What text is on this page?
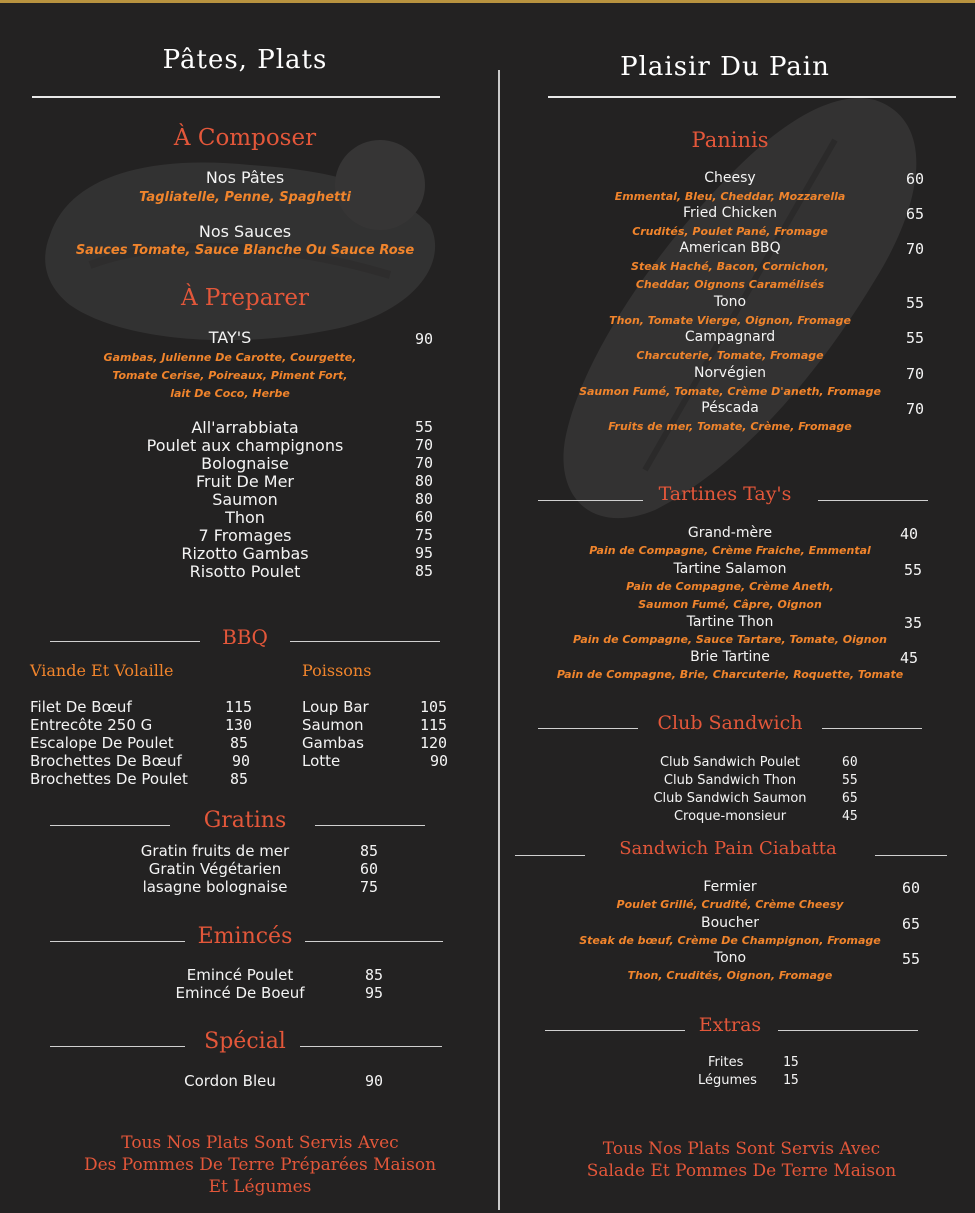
Pâtes, Plats
À Composer
Nos Pâtes
Tagliatelle, Penne, Spaghetti
Nos Sauces
Sauces Tomate, Sauce Blanche Ou Sauce Rose
À Preparer
TAY'S	90
Gambas, Julienne De Carotte, Courgette,
Tomate Cerise, Poireaux, Piment Fort,
lait De Coco, Herbe
All'arrabbiata	55
Poulet aux champignons	70
Bolognaise	70
Fruit De Mer	80
Saumon	80
Thon	60
7 Fromages	75
Rizotto Gambas	95
Risotto Poulet	85
BBQ
Viande Et Volaille	Poissons
Filet De Bœuf	115
Entrecôte 250 G	130
Escalope De Poulet	85
Brochettes De Bœuf	90
Brochettes De Poulet	85
Loup Bar	105
Saumon	115
Gambas	120
Lotte	90
Gratins
Gratin fruits de mer	85
Gratin Végétarien	60
lasagne bolognaise	75
Emincés
Emincé Poulet	85
Emincé De Boeuf	95
Spécial
Cordon Bleu	90
Tous Nos Plats Sont Servis Avec
Des Pommes De Terre Préparées Maison
Et Légumes
Plaisir Du Pain
Paninis
Cheesy	60
Emmental, Bleu, Cheddar, Mozzarella
Fried Chicken	65
Crudités, Poulet Pané, Fromage
American BBQ	70
Steak Haché, Bacon, Cornichon,
Cheddar, Oignons Caramélisés
Tono	55
Thon, Tomate Vierge, Oignon, Fromage
Campagnard	55
Charcuterie, Tomate, Fromage
Norvégien	70
Saumon Fumé, Tomate, Crème D'aneth, Fromage
Péscada	70
Fruits de mer, Tomate, Crème, Fromage
Tartines Tay's
Grand-mère	40
Pain de Compagne, Crème Fraiche, Emmental
Tartine Salamon	55
Pain de Compagne, Crème Aneth,
Saumon Fumé, Câpre, Oignon
Tartine Thon	35
Pain de Compagne, Sauce Tartare, Tomate, Oignon
Brie Tartine	45
Pain de Compagne, Brie, Charcuterie, Roquette, Tomate
Club Sandwich
Club Sandwich Poulet	60
Club Sandwich Thon	55
Club Sandwich Saumon	65
Croque-monsieur	45
Sandwich Pain Ciabatta
Fermier	60
Poulet Grillé, Crudité, Crème Cheesy
Boucher	65
Steak de bœuf, Crème De Champignon, Fromage
Tono	55
Thon, Crudités, Oignon, Fromage
Extras
Frites	15
Légumes 15
Tous Nos Plats Sont Servis Avec
Salade Et Pommes De Terre Maison
